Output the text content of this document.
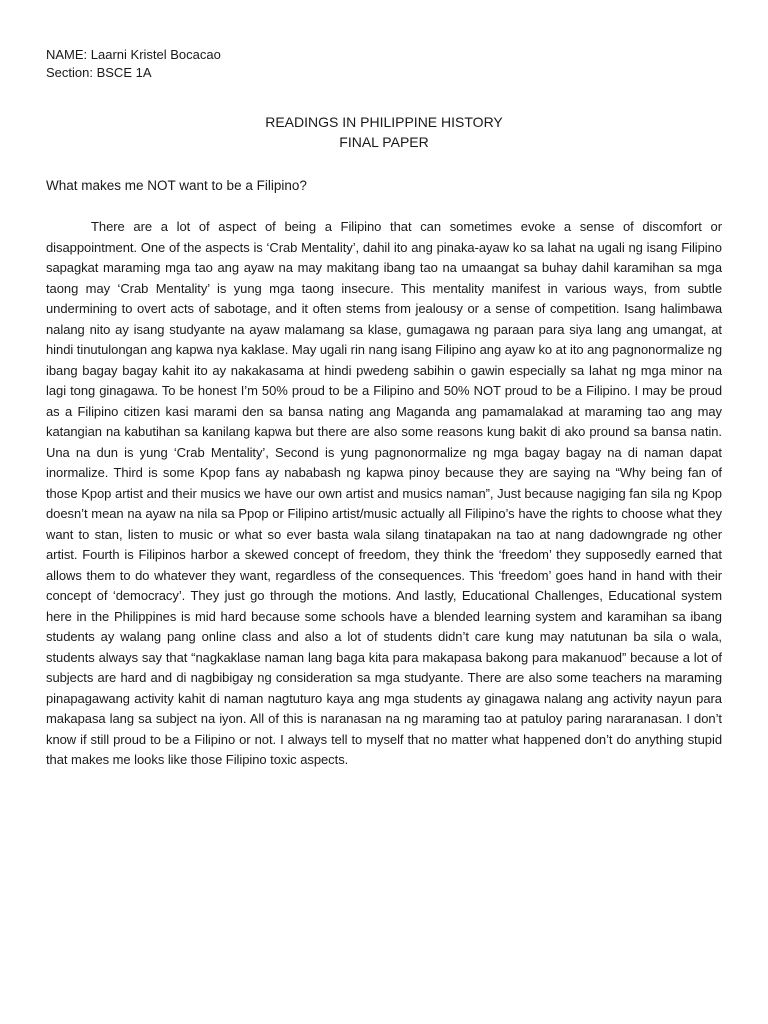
NAME: Laarni Kristel Bocacao
Section: BSCE 1A
READINGS IN PHILIPPINE HISTORY
FINAL PAPER
What makes me NOT want to be a Filipino?

There are a lot of aspect of being a Filipino that can sometimes evoke a sense of discomfort or disappointment. One of the aspects is ‘Crab Mentality’, dahil ito ang pinaka-ayaw ko sa lahat na ugali ng isang Filipino sapagkat maraming mga tao ang ayaw na may makitang ibang tao na umaangat sa buhay dahil karamihan sa mga taong may ‘Crab Mentality’ is yung mga taong insecure. This mentality manifest in various ways, from subtle undermining to overt acts of sabotage, and it often stems from jealousy or a sense of competition. Isang halimbawa nalang nito ay isang studyante na ayaw malamang sa klase, gumagawa ng paraan para siya lang ang umangat, at hindi tinutulongan ang kapwa nya kaklase. May ugali rin nang isang Filipino ang ayaw ko at ito ang pagnonormalize ng ibang bagay bagay kahit ito ay nakakasama at hindi pwedeng sabihin o gawin especially sa lahat ng mga minor na lagi tong ginagawa. To be honest I’m 50% proud to be a Filipino and 50% NOT proud to be a Filipino. I may be proud as a Filipino citizen kasi marami den sa bansa nating ang Maganda ang pamamalakad at maraming tao ang may katangian na kabutihan sa kanilang kapwa but there are also some reasons kung bakit di ako pround sa bansa natin. Una na dun is yung ‘Crab Mentality’, Second is yung pagnonormalize ng mga bagay bagay na di naman dapat inormalize. Third is some Kpop fans ay nababash ng kapwa pinoy because they are saying na “Why being fan of those Kpop artist and their musics we have our own artist and musics naman”, Just because nagiging fan sila ng Kpop doesn’t mean na ayaw na nila sa Ppop or Filipino artist/music actually all Filipino’s have the rights to choose what they want to stan, listen to music or what so ever basta wala silang tinatapakan na tao at nang dadowngrade ng other artist. Fourth is Filipinos harbor a skewed concept of freedom, they think the ‘freedom’ they supposedly earned that allows them to do whatever they want, regardless of the consequences. This ‘freedom’ goes hand in hand with their concept of ‘democracy’. They just go through the motions. And lastly, Educational Challenges, Educational system here in the Philippines is mid hard because some schools have a blended learning system and karamihan sa ibang students ay walang pang online class and also a lot of students didn’t care kung may natutunan ba sila o wala, students always say that “nagkaklase naman lang baga kita para makapasa bakong para makanuod” because a lot of subjects are hard and di nagbibigay ng consideration sa mga studyante. There are also some teachers na maraming pinapagawang activity kahit di naman nagtuturo kaya ang mga students ay ginagawa nalang ang activity nayun para makapasa lang sa subject na iyon. All of this is naranasan na ng maraming tao at patuloy paring nararanasan. I don’t know if still proud to be a Filipino or not. I always tell to myself that no matter what happened don’t do anything stupid that makes me looks like those Filipino toxic aspects.
